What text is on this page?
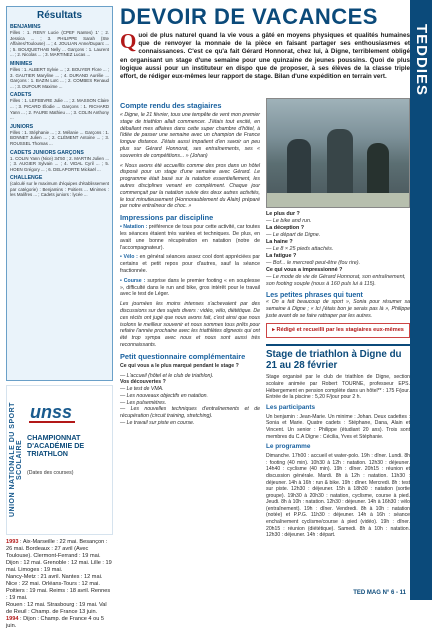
Résultats
BENJAMINS
Filles : 1. RENY Lucie (CPEF Nantes) 1' ; 2. Jessica ... ; 3. PHILIPPE Sarah (Ste Affaires/Toulouse) ... ; 4. JOULIAN Anne/Duparc ... ; 5. BOUQUETHAB Nelly ... Garçons : 1. Laurent ... ; 2. Nicolas ... ; 3. MARTINEZ Lucas ...
MINIMES
Filles : 1. ALBERT Sylvie ... ; 2. BOUYER Flore ... ; 3. GAUTIER Maryline ... ; 4. DURAND Aurélie ... Garçons : 1. BAZIN Loïc ... ; 2. COMBES Renaud ... ; 3. DUFOUR Maxime ...
CADETS
Filles : 1. LEFEBVRE Julie ... ; 2. MASSON Claire ... ; 3. PICARD Élodie ... Garçons : 1. RICHARD Yann ... ; 2. FAURE Mathieu ... ; 3. COLIN Anthony ...
JUNIORS
Filles : 1. Stéphanie ... ; 2. Mélanie ... Garçons : 1. BONNET Julien ... ; 2. CLÉMENT Antoine ... ; 3. ROUSSEL Thomas ...
CADETS JUNIORS GARÇONS
1. COLIN Yann (Nice) 34'50 ; 2. MARTIN Julien ... ; 3. AUGIER Sylvain ... ; 4. VIDAL Cyril ... ; 5. HOEN Grégory ... ; 6. DELAPORTE Mickaël ...
CHALLENGE
(calculé sur le maximum d'équipes d'établissement par catégorie) : Benjamins : Poitiers ... Minimes : les Malifres ... ; Cadets juniors : lycée ...
UNION NATIONALE DU SPORT SCOLAIRE
unss
CHAMPIONNAT D'ACADÉMIE DE TRIATHLON
(Dates des courses)
1993 : Aix-Marseille : 22 mai. Besançon : 26 mai. Bordeaux : 27 avril (Avec Toulouse). Clermont-Ferrand : 19 mai. Dijon : 12 mai. Grenoble : 12 mai. Lille : 19 mai. Limoges : 19 mai.
Nancy-Metz : 21 avril. Nantes : 12 mai. Nice : 22 mai. Orléans-Tours : 12 mai. Poitiers : 19 mai. Reims : 18 avril. Rennes : 19 mai.
Rouen : 12 mai. Strasbourg : 19 mai. Val de Reuil : Champ. de France 13 juin.
1994 : Dijon : Champ. de France 4 ou 5 juin.
DEVOIR DE VACANCES
Q uoi de plus naturel quand la vie vous a gâté en moyens physiques et qualités humaines que de renvoyer la monnaie de la pièce en faisant partager ses enthousiasmes et connaissances. C'est ce qu'a fait Gérard Honnorat, chez lui, à Digne, terriblement obligé en organisant un stage d'une semaine pour une quinzaine de jeunes poussins. Quoi de plus logique aussi pour un instituteur en dispo que de proposer, à ses élèves de la classe triple effort, de rédiger eux-mêmes leur rapport de stage. Bilan d'une expédition en terrain vert.
Compte rendu des stagiaires
« Digne, le 21 février, tous une tempête de vent mon premier stage de triathlon allait commencer. J'étais tout excité, en déballant mes affaires dans cette super chambre d'hôtel, à l'idée de passer une semaine avec un champion de France longue distance. J'étais aussi impatient d'en savoir un peu plus sur Gérard Honnorat, ses entraînements, ses « souvenirs de compétitions... » (Johan)
« Nous avons été accueillis comme des pros dans un hôtel disposé pour un stage d'une semaine avec Gérard. Le programme était basé sur la natation essentiellement, les autres disciplines venant en complément. Chaque jour commençait par la natation suivie des deux autres activités, le tout minutieusement (Honnoraublement du Alain) préparé par notre entraîneur de choc. »
Impressions par discipline
• Natation : préférence de tous pour cette activité, car toutes les séances étaient très variées et techniques. De plus, en avait une bonne récupération en natation (notre de l'accompagnateur).
• Vélo : en général séances assez cool dont appréciées par certains et petit repos pour d'autres, sauf la séance fractionnée.
• Course : surprise dans le premier footing « en souplesse », difficulté dans le run and bike, gros intérêt pour le travail avec le test de Léger.
Les journées les moins intenses s'achevaient par des discussions sur des sujets divers : vidéo, vélo, diététique. De ces récits ont jugé que nous avons fait, c'est ainsi que nous isolons le meilleur souvenir et nous sommes tous prêts pour refaire l'année prochaine avec les triathlètes digneois qui ont été trop sympa avec nous et nous sont aussi très reconnaissants.
Petit questionnaire complémentaire
Ce qui vous a le plus marqué pendant le stage ?
— L'accueil (hôtel et le club de triathlon).
Vos découvertes ?
— Le test de VMA.
— Les nouveaux objectifs en natation.
— Les pulsemètres.
— Les nouvelles techniques d'entraînements et de récupération (circuit training, stretching).
— Le travail sur piste en course.
Le plus dur ?
— Le bike and run.
La déception ?
— Le départ de Digne.
La haine ?
— Le 8 × 25 pieds attachés.
La fatigue ?
— Bof... le mercredi peut-être (fou rire).
Ce qui vous a impressionné ?
— Le mode de vie de Gérard Honnorat, son entraînement, son footing souple (nous à 160 puls lui à 115).
Les petites phrases qui tuent
« On a fait beaucoup de sport », Sonia pour résumer sa semaine à Digne ; « Ici j'étais bon je serais pas là », Philippe juste avant de se faire rattraper par les autres.
▸ Rédigé et recueilli par les stagiaires eux-mêmes
Stage de triathlon à Digne du 21 au 28 février
Stage organisé par le club de triathlon de Digne, section scolaire animée par Robert TOURNE, professeur EPS. Hébergement en pension complète dans un hôtel** : 175 F/jour. Entrée de la piscine : 5,20 F/jour pour 2 h.
Les participants
Un benjamin : Jean-Marie. Un minime : Johan. Deux cadettes : Sonia et Marie. Quatre cadets : Stéphane, Dana, Alain et Vincent. Un senior : Philippe (étudiant 20 ans). Trois sont membres du C.A Digne : Cécilia, Yves et Stéphanie.
Le programme
Dimanche. 17h00 : accueil et water-polo. 19h : dîner. Lundi. 8h : footing (40 min). 10h30 à 12h : natation. 12h30 : déjeuner. 14h40 : cyclisme (40 min). 19h : dîner. 20h15 : réunion et discussion générale. Mardi. 8h à 12h : natation. 11h30 : déjeuner. 14h à 16h : run & bike. 19h : dîner. Mercredi. 8h : test sur piste. 12h30 : déjeuner. 15h à 18h30 : natation (sortie groupe). 19h30 à 20h30 : natation, cyclisme, course à pied. Jeudi. 8h à 10h : natation. 12h30 : déjeuner. 14h à 16h30 : vélo (entraînement). 19h : dîner. Vendredi. 8h à 10h : natation (notée) et P.P.G. 11h30 : déjeuner. 14h à 16h : séance enchaînement cyclisme/course à pied (vidéo). 19h : dîner. 20h15 : réunion (diététique). Samedi. 8h à 10h : natation. 12h30 : déjeuner. 14h : départ.
TEDDIES
TED MAG N° 6 - 11
